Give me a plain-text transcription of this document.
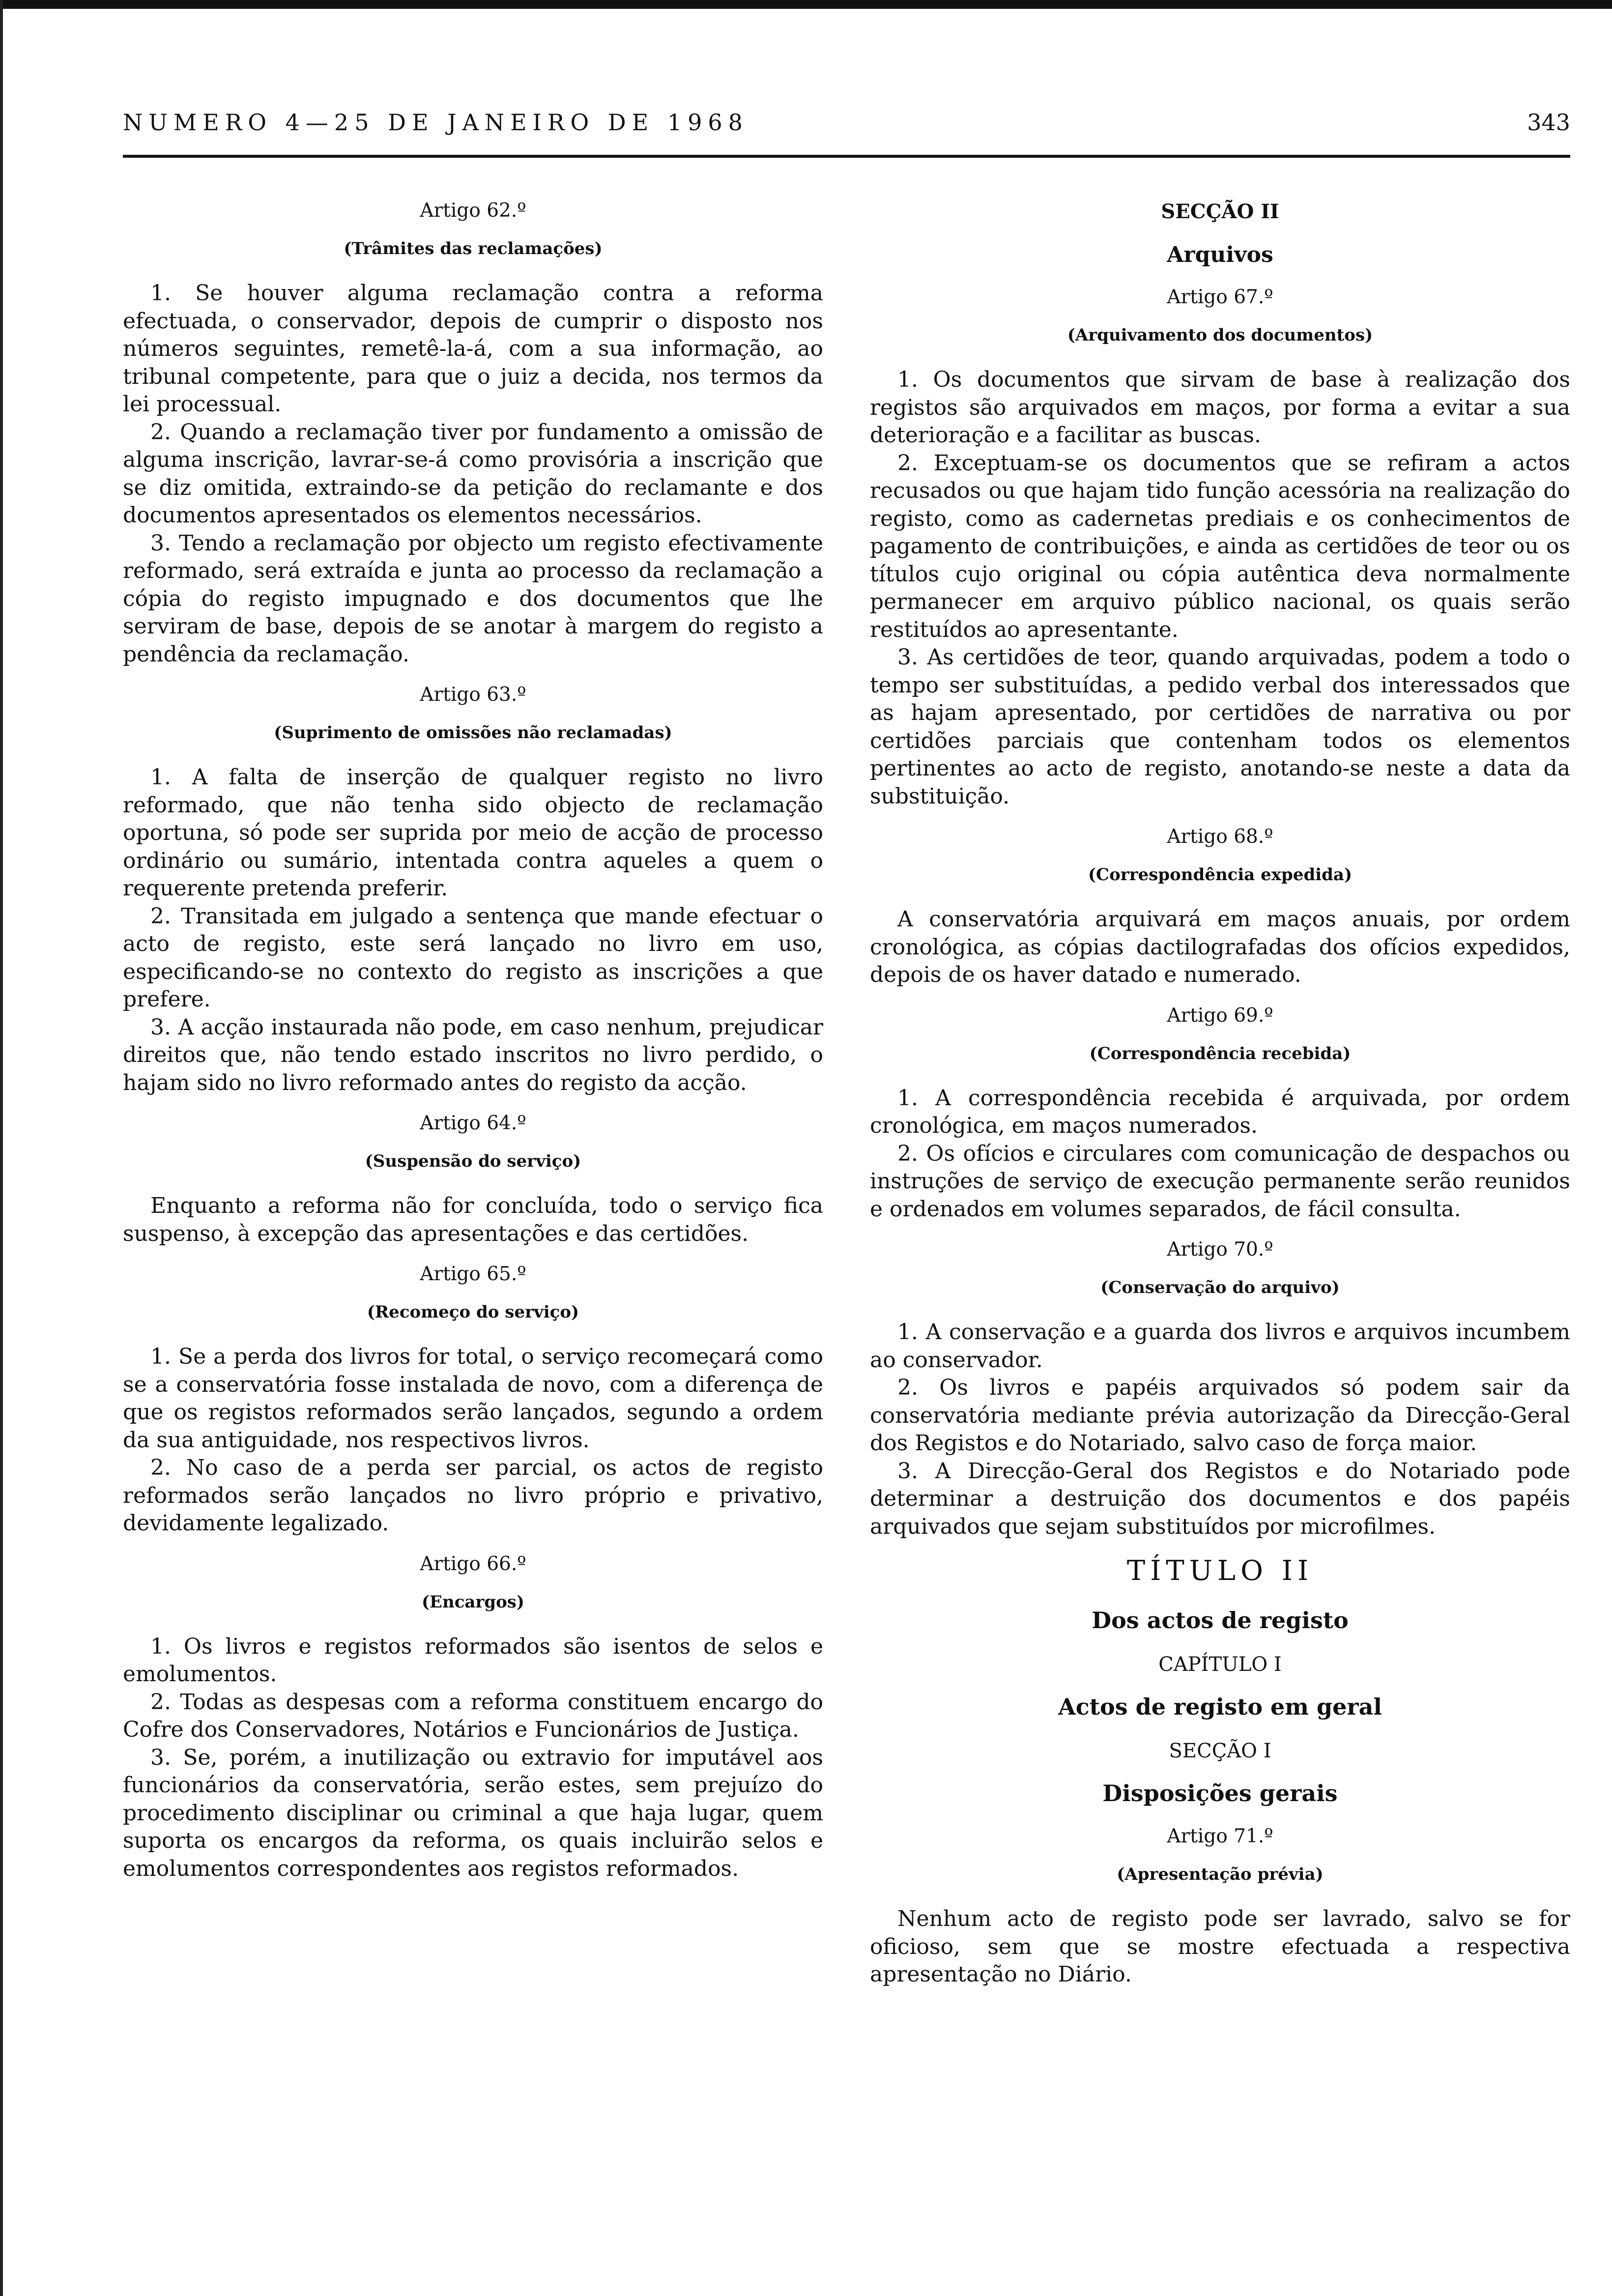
NUMERO 4—25 DE JANEIRO DE 1968	343
Artigo 62.º
(Trâmites das reclamações)

1. Se houver alguma reclamação contra a reforma efectuada, o conservador, depois de cumprir o disposto nos números seguintes, remetê-la-á, com a sua informação, ao tribunal competente, para que o juiz a decida, nos termos da lei processual.

2. Quando a reclamação tiver por fundamento a omissão de alguma inscrição, lavrar-se-á como provisória a inscrição que se diz omitida, extraindo-se da petição do reclamante e dos documentos apresentados os elementos necessários.

3. Tendo a reclamação por objecto um registo efectivamente reformado, será extraída e junta ao processo da reclamação a cópia do registo impugnado e dos documentos que lhe serviram de base, depois de se anotar à margem do registo a pendência da reclamação.

Artigo 63.º
(Suprimento de omissões não reclamadas)

1. A falta de inserção de qualquer registo no livro reformado, que não tenha sido objecto de reclamação oportuna, só pode ser suprida por meio de acção de processo ordinário ou sumário, intentada contra aqueles a quem o requerente pretenda preferir.

2. Transitada em julgado a sentença que mande efectuar o acto de registo, este será lançado no livro em uso, especificando-se no contexto do registo as inscrições a que prefere.

3. A acção instaurada não pode, em caso nenhum, prejudicar direitos que, não tendo estado inscritos no livro perdido, o hajam sido no livro reformado antes do registo da acção.

Artigo 64.º
(Suspensão do serviço)

Enquanto a reforma não for concluída, todo o serviço fica suspenso, à excepção das apresentações e das certidões.

Artigo 65.º
(Recomeço do serviço)

1. Se a perda dos livros for total, o serviço recomeçará como se a conservatória fosse instalada de novo, com a diferença de que os registos reformados serão lançados, segundo a ordem da sua antiguidade, nos respectivos livros.

2. No caso de a perda ser parcial, os actos de registo reformados serão lançados no livro próprio e privativo, devidamente legalizado.

Artigo 66.º
(Encargos)

1. Os livros e registos reformados são isentos de selos e emolumentos.

2. Todas as despesas com a reforma constituem encargo do Cofre dos Conservadores, Notários e Funcionários de Justiça.

3. Se, porém, a inutilização ou extravio for imputável aos funcionários da conservatória, serão estes, sem prejuízo do procedimento disciplinar ou criminal a que haja lugar, quem suporta os encargos da reforma, os quais incluirão selos e emolumentos correspondentes aos registos reformados.

SECÇÃO II
Arquivos
Artigo 67.º
(Arquivamento dos documentos)

1. Os documentos que sirvam de base à realização dos registos são arquivados em maços, por forma a evitar a sua deterioração e a facilitar as buscas.

2. Exceptuam-se os documentos que se refiram a actos recusados ou que hajam tido função acessória na realização do registo, como as cadernetas prediais e os conhecimentos de pagamento de contribuições, e ainda as certidões de teor ou os títulos cujo original ou cópia autêntica deva normalmente permanecer em arquivo público nacional, os quais serão restituídos ao apresentante.

3. As certidões de teor, quando arquivadas, podem a todo o tempo ser substituídas, a pedido verbal dos interessados que as hajam apresentado, por certidões de narrativa ou por certidões parciais que contenham todos os elementos pertinentes ao acto de registo, anotando-se neste a data da substituição.

Artigo 68.º
(Correspondência expedida)

A conservatória arquivará em maços anuais, por ordem cronológica, as cópias dactilografadas dos ofícios expedidos, depois de os haver datado e numerado.

Artigo 69.º
(Correspondência recebida)

1. A correspondência recebida é arquivada, por ordem cronológica, em maços numerados.

2. Os ofícios e circulares com comunicação de despachos ou instruções de serviço de execução permanente serão reunidos e ordenados em volumes separados, de fácil consulta.

Artigo 70.º
(Conservação do arquivo)

1. A conservação e a guarda dos livros e arquivos incumbem ao conservador.

2. Os livros e papéis arquivados só podem sair da conservatória mediante prévia autorização da Direcção-Geral dos Registos e do Notariado, salvo caso de força maior.

3. A Direcção-Geral dos Registos e do Notariado pode determinar a destruição dos documentos e dos papéis arquivados que sejam substituídos por microfilmes.

TÍTULO II
Dos actos de registo
CAPÍTULO I
Actos de registo em geral
SECÇÃO I
Disposições gerais
Artigo 71.º
(Apresentação prévia)

Nenhum acto de registo pode ser lavrado, salvo se for oficioso, sem que se mostre efectuada a respectiva apresentação no Diário.
